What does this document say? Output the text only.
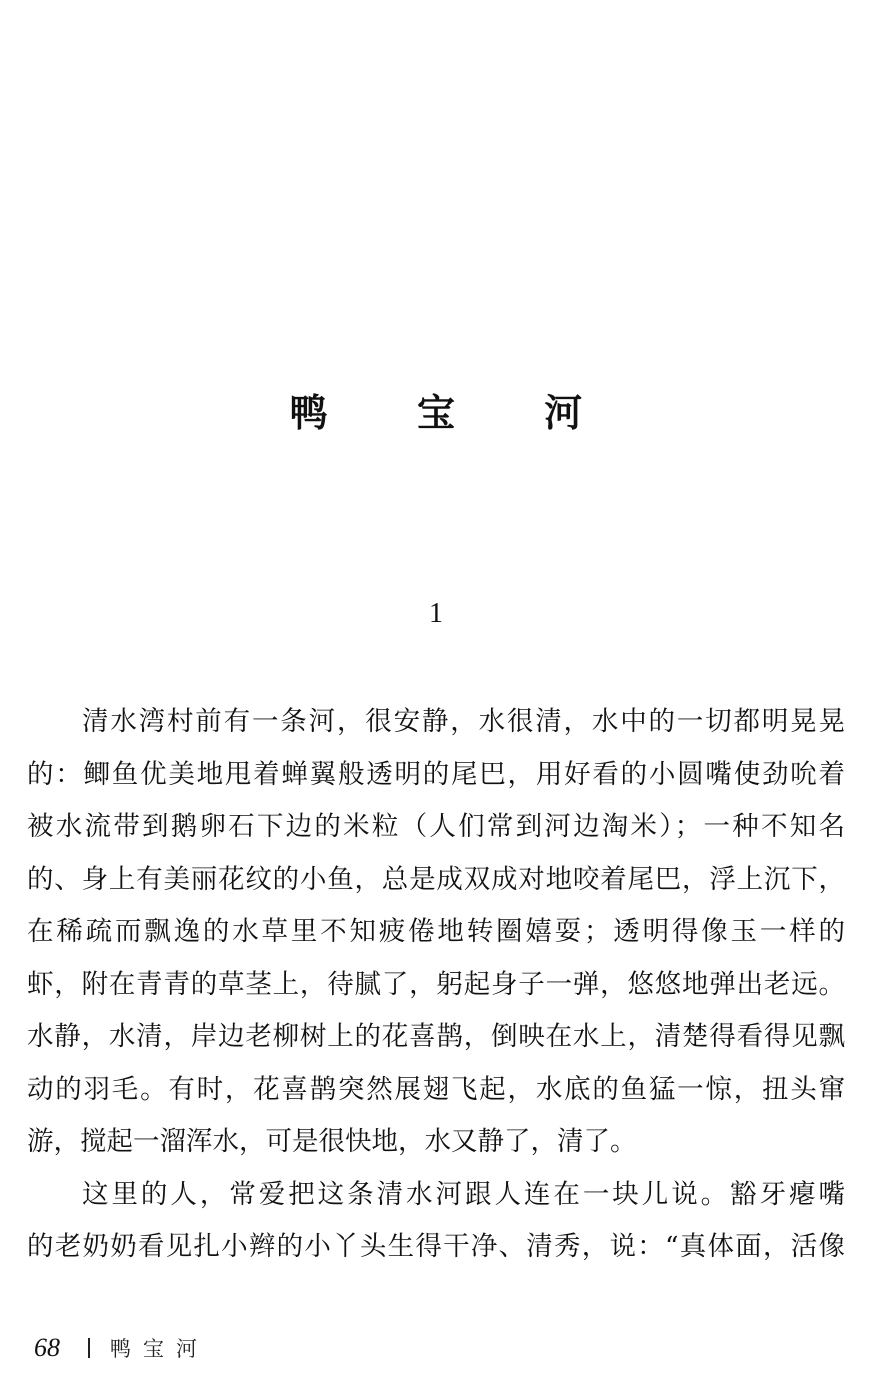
鸭 宝 河
1
清水湾村前有一条河，很安静，水很清，水中的一切都明晃晃
的：鲫鱼优美地甩着蝉翼般透明的尾巴，用好看的小圆嘴使劲吮着
被水流带到鹅卵石下边的米粒（人们常到河边淘米）；一种不知名
的、身上有美丽花纹的小鱼，总是成双成对地咬着尾巴，浮上沉下，
在稀疏而飘逸的水草里不知疲倦地转圈嬉耍；透明得像玉一样的
虾，附在青青的草茎上，待腻了，躬起身子一弹，悠悠地弹出老远。
水静，水清，岸边老柳树上的花喜鹊，倒映在水上，清楚得看得见飘
动的羽毛。有时，花喜鹊突然展翅飞起，水底的鱼猛一惊，扭头窜
游，搅起一溜浑水，可是很快地，水又静了，清了。
这里的人，常爱把这条清水河跟人连在一块儿说。豁牙瘪嘴
的老奶奶看见扎小辫的小丫头生得干净、清秀，说：“真体面，活像
68 鸭宝河
